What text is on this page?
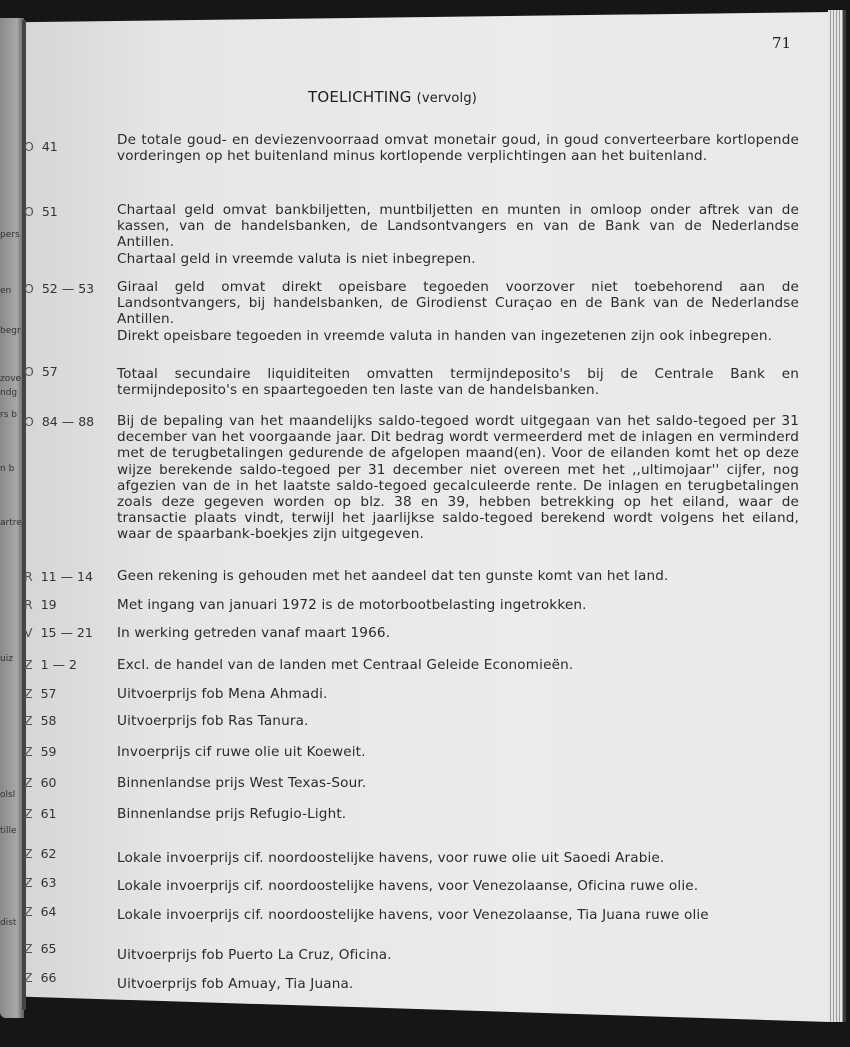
pers
en
begr
zove
ndg
rs b
n b
artre
uiz
olsl
tille
dist
71
TOELICHTING (vervolg)
O 41	De totale goud- en deviezenvoorraad omvat monetair goud, in goud converteerbare kortlopende vorderingen op het buitenland minus kortlopende verplichtingen aan het buitenland.

O 51	Chartaal geld omvat bankbiljetten, muntbiljetten en munten in omloop onder aftrek van de kassen, van de handelsbanken, de Landsontvangers en van de Bank van de Nederlandse Antillen.

Chartaal geld in vreemde valuta is niet inbegrepen.

O 52 — 53 Giraal geld omvat direkt opeisbare tegoeden voorzover niet toebehorend aan de Landsontvangers, bij handelsbanken, de Girodienst Curaçao en de Bank van de Nederlandse Antillen.

Direkt opeisbare tegoeden in vreemde valuta in handen van ingezetenen zijn ook inbegrepen.

O 57	Totaal secundaire liquiditeiten omvatten termijndeposito's bij de Centrale Bank en termijndeposito's en spaartegoeden ten laste van de handelsbanken.

O 84 — 88 Bij de bepaling van het maandelijks saldo-tegoed wordt uitgegaan van het saldo-tegoed per 31 december van het voorgaande jaar. Dit bedrag wordt vermeerderd met de inlagen en verminderd met de terugbetalingen gedurende de afgelopen maand(en). Voor de eilanden komt het op deze wijze berekende saldo-tegoed per 31 december niet overeen met het ,,ultimojaar'' cijfer, nog afgezien van de in het laatste saldo-tegoed gecalculeerde rente. De inlagen en terugbetalingen zoals deze gegeven worden op blz. 38 en 39, hebben betrekking op het eiland, waar de transactie plaats vindt, terwijl het jaarlijkse saldo-tegoed berekend wordt volgens het eiland, waar de spaarbank-boekjes zijn uitgegeven.

R 11 — 14 Geen rekening is gehouden met het aandeel dat ten gunste komt van het land.

R 19	Met ingang van januari 1972 is de motorbootbelasting ingetrokken.

V 15 — 21 In werking getreden vanaf maart 1966.

Z 1 — 2	Excl. de handel van de landen met Centraal Geleide Economieën.

Z 57	Uitvoerprijs fob Mena Ahmadi.

Z 58	Uitvoerprijs fob Ras Tanura.

Z 59	Invoerprijs cif ruwe olie uit Koeweit.

Z 60	Binnenlandse prijs West Texas-Sour.

Z 61	Binnenlandse prijs Refugio-Light.

Z 62	Lokale invoerprijs cif. noordoostelijke havens, voor ruwe olie uit Saoedi Arabie.

Z 63	Lokale invoerprijs cif. noordoostelijke havens, voor Venezolaanse, Oficina ruwe olie.

Z 64	Lokale invoerprijs cif. noordoostelijke havens, voor Venezolaanse, Tia Juana ruwe olie

Z 65	Uitvoerprijs fob Puerto La Cruz, Oficina.

Z 66	Uitvoerprijs fob Amuay, Tia Juana.
